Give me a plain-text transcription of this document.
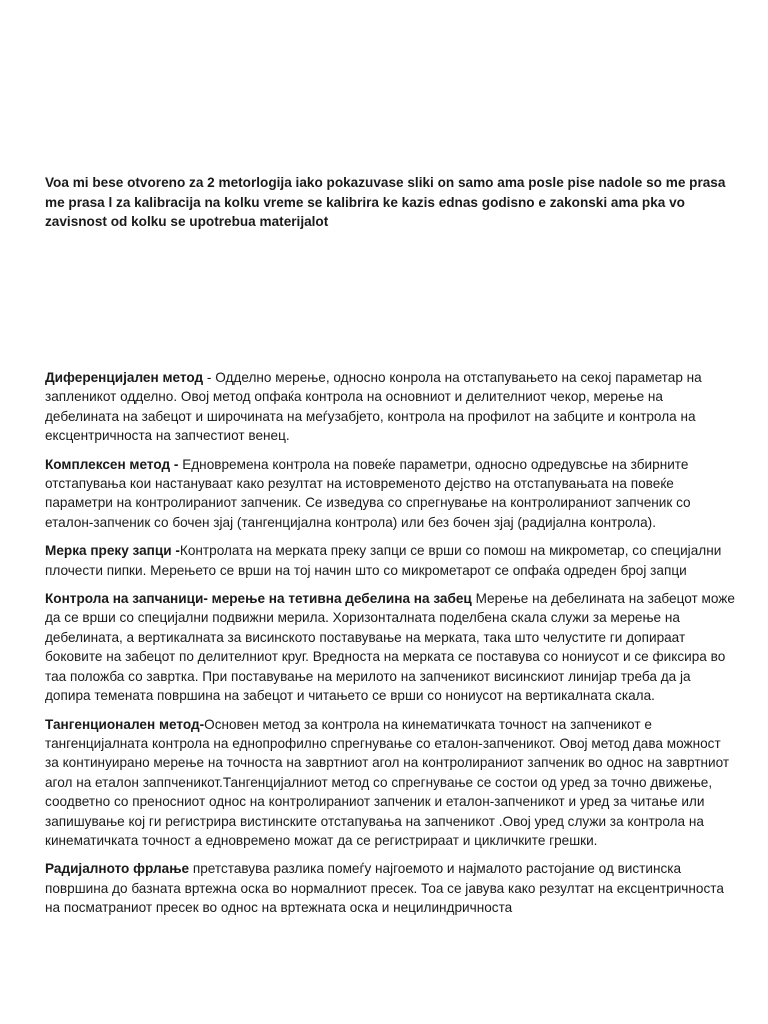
Voa mi bese otvoreno za 2 metorlogija iako pokazuvase sliki on samo ama posle pise nadole so me prasa me prasa l za kalibracija na kolku vreme se kalibrira ke kazis ednas godisno e zakonski ama pka vo zavisnost od kolku se upotrebua materijalot

Диференцијален метод - Одделно мерење, односно конрола на отстапувањето на секој параметар на запленикот одделно. Овој метод опфаќа контрола на основниот и делителниот чекор, мерење на дебелината на забецот и широчината на меѓузабјето, контрола на профилот на забците и контрола на ексцентричноста на запчестиот венец.

Комплексен метод - Едновремена контрола на повеќе параметри, односно одредувсње на збирните отстапувања кои настануваат како резултат на истовременото дејство на отстапувањата на повеќе параметри на контролираниот запчeник. Се изведува со спрегнување на контролираниот запченик со еталон-запченик со бочен зјај (тангенцијална контрола) или без бочен зјај (радијална контрола).

Мерка преку запци -Контролата на мерката преку запци се врши со помош на микрометар, со специјални плочести пипки. Мерењето се врши на тој начин што со микрометарот се опфаќа одреден број запци

Контрола на запчаници- мерење на тетивна дебелина на забец Мерење на дебелината на забецот може да се врши со специјални подвижни мерила. Хоризонталната поделбена скала служи за мерење на дебелината, а вертикалната за висинското поставување на мерката, така што челустите ги допираат боковите на забецот по делителниот круг. Вредноста на мерката се поставува со нониусот и се фиксира во таа положба со завртка. При поставување на мерилото на запченикот висинскиот линијар треба да ја допира темената површина на забецот и читањето се врши со нониусот на вертикалната скала.

Тангенционален метод-Основен метод за контрола на кинематичката точност на запченикот е тангенцијалната контрола на еднопрофилно спрегнување со еталон-запченикот. Овој метод дава можност за континуирано мерење на точноста на завртниот агол на контролираниот запчeник во однос на завртниот агол на еталон заппченикот.Тангенцијалниот метод со спрегнување се состои од уред за точно движење, соодветно со преносниот однос на контролираниот запченик и еталон-запченикот и уред за читање или запишување кој ги регистрира вистинските отстапувања на запченикот .Овој уред служи за контрола на кинематичката точност а едновремено можат да се регистрираат и цикличките грешки.

Радијалното фрлање претставува разлика помеѓу најгоемото и најмалото растојание од вистинска површина до базната вртежна оска во нормалниот пресек. Тоа се јавува како резултат на ексцентричноста на посматраниот пресек во однос на вртежната оска и нецилиндричноста
